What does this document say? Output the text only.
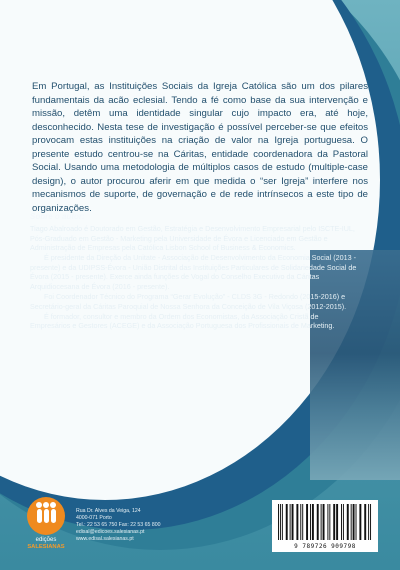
Em Portugal, as Instituições Sociais da Igreja Católica são um dos pilares fundamentais da acão eclesial. Tendo a fé como base da sua intervenção e missão, detêm uma identidade singular cujo impacto era, até hoje, desconhecido. Nesta tese de investigação é possível perceber-se que efeitos provocam estas instituições na criação de valor na Igreja portuguesa. O presente estudo centrou-se na Cáritas, entidade coordenadora da Pastoral Social. Usando uma metodologia de múltiplos casos de estudo (multiple-case design), o autor procurou aferir em que medida o “ser Igreja” interfere nos mecanismos de suporte, de governação e de rede intrínsecos a este tipo de organizações.

Sobre o autor:

Tiago Abalroado é Doutorado em Gestão, Estratégia e Desenvolvimento Empresarial pelo ISCTE-IUL, Pós-Graduado em Gestão - Marketing pela Universidade de Évora e Licenciado em Gestão e Administração de Empresas pela Católica Lisbon School of Business & Economics.

É presidente da Direção da Unitate - Associação de Desenvolvimento da Economia Social (2013 - presente) e da UDIPSS-Évora - União Distrital das Instituições Particulares de Solidariedade Social de Évora (2015 - presente). Exerce ainda funções de Vogal do Conselho Executivo da Cáritas Arquidiocesana de Évora (2016 - presente).

Foi Coordenador Técnico do Programa “Gerar Evolução” - CLDS 3G - Redondo (2015-2016) e Secretário-geral da Cáritas Paroquial de Nossa Senhora da Conceição de Vila Viçosa (2012-2015).

É formador, consultor e membro da Ordem dos Economistas, da Associação Cristã de Empresários e Gestores (ACEGE) e da Associação Portuguesa dos Profissionais de Marketing.

edições
SALESIANAS
Rua Dr. Alves da Veiga, 124
4000-071 Porto
Tel.: 22 53 65 750 Fax: 22 53 65 800
edisal@edicoes.salesianas.pt
www.edisal.salesianas.pt
9 789726 909798
